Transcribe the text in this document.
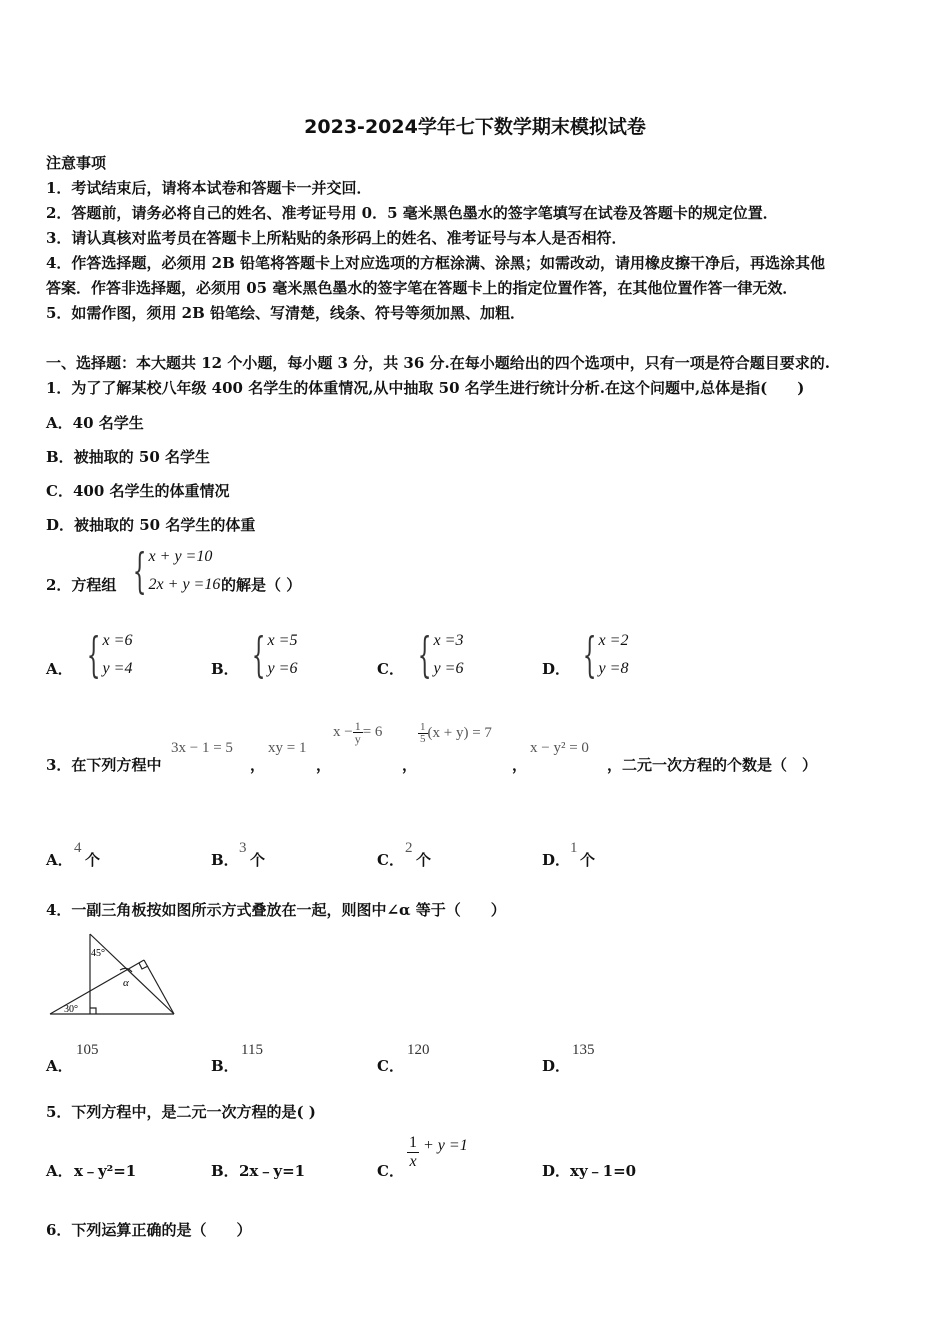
2023-2024学年七下数学期末模拟试卷
注意事项
1．考试结束后，请将本试卷和答题卡一并交回．
2．答题前，请务必将自己的姓名、准考证号用 0．5 毫米黑色墨水的签字笔填写在试卷及答题卡的规定位置．
3．请认真核对监考员在答题卡上所粘贴的条形码上的姓名、准考证号与本人是否相符．
4．作答选择题，必须用 2B 铅笔将答题卡上对应选项的方框涂满、涂黑；如需改动，请用橡皮擦干净后，再选涂其他
答案．作答非选择题，必须用 05 毫米黑色墨水的签字笔在答题卡上的指定位置作答，在其他位置作答一律无效．
5．如需作图，须用 2B 铅笔绘、写清楚，线条、符号等须加黑、加粗．
一、选择题：本大题共 12 个小题，每小题 3 分，共 36 分.在每小题给出的四个选项中，只有一项是符合题目要求的.
1．为了了解某校八年级 400 名学生的体重情况,从中抽取 50 名学生进行统计分析.在这个问题中,总体是指(　　)
A．40 名学生
B．被抽取的 50 名学生
C．400 名学生的体重情况
D．被抽取的 50 名学生的体重
2．方程组 { x + y =10
2x + y =16 的解是（ ）
A． { x =6
y =4	B． { x =5
y =6	C． { x =3
y =6	D． { x =2
y =8
3．在下列方程中
3x − 1 = 5
，
xy = 1
，
$x - \frac{1}{y} = 6$
，
$\frac{1}{5} (x + y) = 7$
，
x − y² = 0
，二元一次方程的个数是（　）
A．
4
个	B．
3
个	C．
2
个	D．
1
个
4．一副三角板按如图所示方式叠放在一起，则图中∠α 等于（　　）
45°
30°
α
A．
105
B．
115
C．
120
D．
135
5．下列方程中，是二元一次方程的是( )
A． x﹣y²=1	B． 2x﹣y=1	C． $\frac{1}{x} + y =1$
D． xy﹣1=0
6．下列运算正确的是（　　）
